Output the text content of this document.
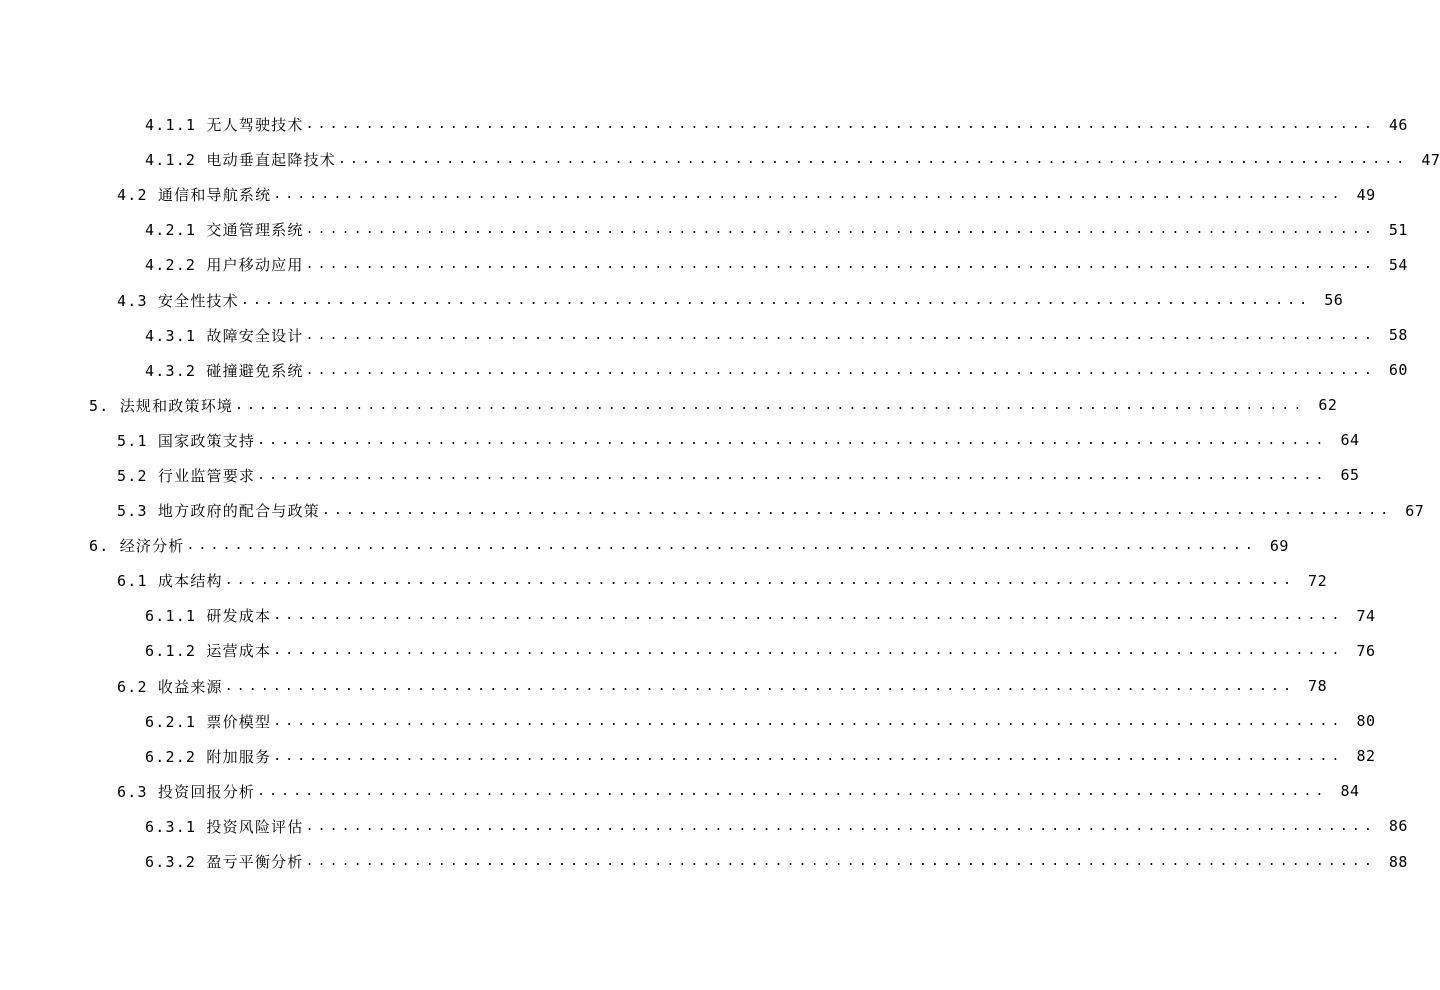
4.1.1 无人驾驶技术 ......................................................................................... 46
4.1.2 电动垂直起降技术 ......................................................................................... 47
4.2 通信和导航系统 ......................................................................................... 49
4.2.1 交通管理系统 ......................................................................................... 51
4.2.2 用户移动应用 ......................................................................................... 54
4.3 安全性技术 ......................................................................................... 56
4.3.1 故障安全设计 ......................................................................................... 58
4.3.2 碰撞避免系统 ......................................................................................... 60
5. 法规和政策环境 ......................................................................................... 62
5.1 国家政策支持 ......................................................................................... 64
5.2 行业监管要求 ......................................................................................... 65
5.3 地方政府的配合与政策 ......................................................................................... 67
6. 经济分析 ......................................................................................... 69
6.1 成本结构 ......................................................................................... 72
6.1.1 研发成本 ......................................................................................... 74
6.1.2 运营成本 ......................................................................................... 76
6.2 收益来源 ......................................................................................... 78
6.2.1 票价模型 ......................................................................................... 80
6.2.2 附加服务 ......................................................................................... 82
6.3 投资回报分析 ......................................................................................... 84
6.3.1 投资风险评估 ......................................................................................... 86
6.3.2 盈亏平衡分析 ......................................................................................... 88
